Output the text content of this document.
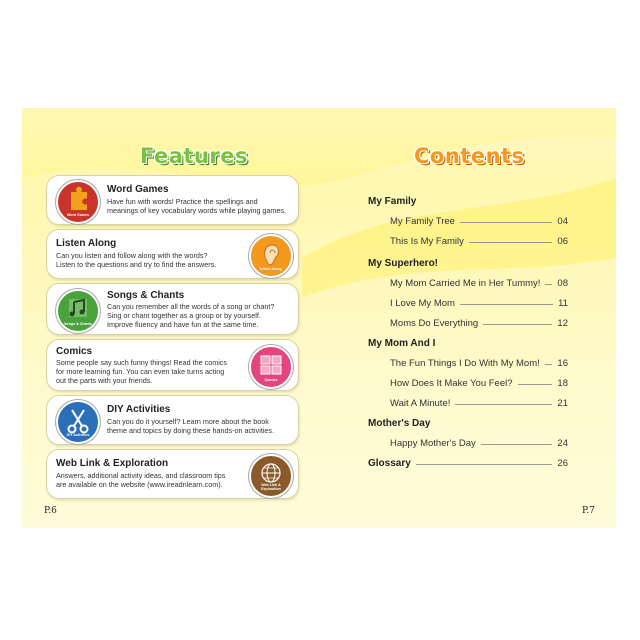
Features	Contents
Word Games
Word Games
Have fun with words! Practice the spellings and
meanings of key vocabulary words while playing games.
Listen Along
Can you listen and follow along with the words?
Listen to the questions and try to find the answers.	Listen Along
Songs & Chants
Songs & Chants
Can you remember all the words of a song or chant?
Sing or chant together as a group or by yourself.
Improve fluency and have fun at the same time.
Comics
Some people say such funny things! Read the comics
for more learning fun. You can even take turns acting
out the parts with your friends.	Comics
DIY Activities
DIY Activities
Can you do it yourself? Learn more about the book
theme and topics by doing these hands-on activities.
Web Link & Exploration
Answers, additional activity ideas, and classroom tips
are available on the website (www.ireadnlearn.com).	Web Link & Exploration
My Family
My Family Tree	04
This Is My Family	06
My Superhero!
My Mom Carried Me in Her Tummy! 08
I Love My Mom	11
Moms Do Everything	12
My Mom And I
The Fun Things I Do With My Mom! 16
How Does It Make You Feel?	18
Wait A Minute!	21
Mother's Day
Happy Mother's Day	24
Glossary	26
P.6	P.7
